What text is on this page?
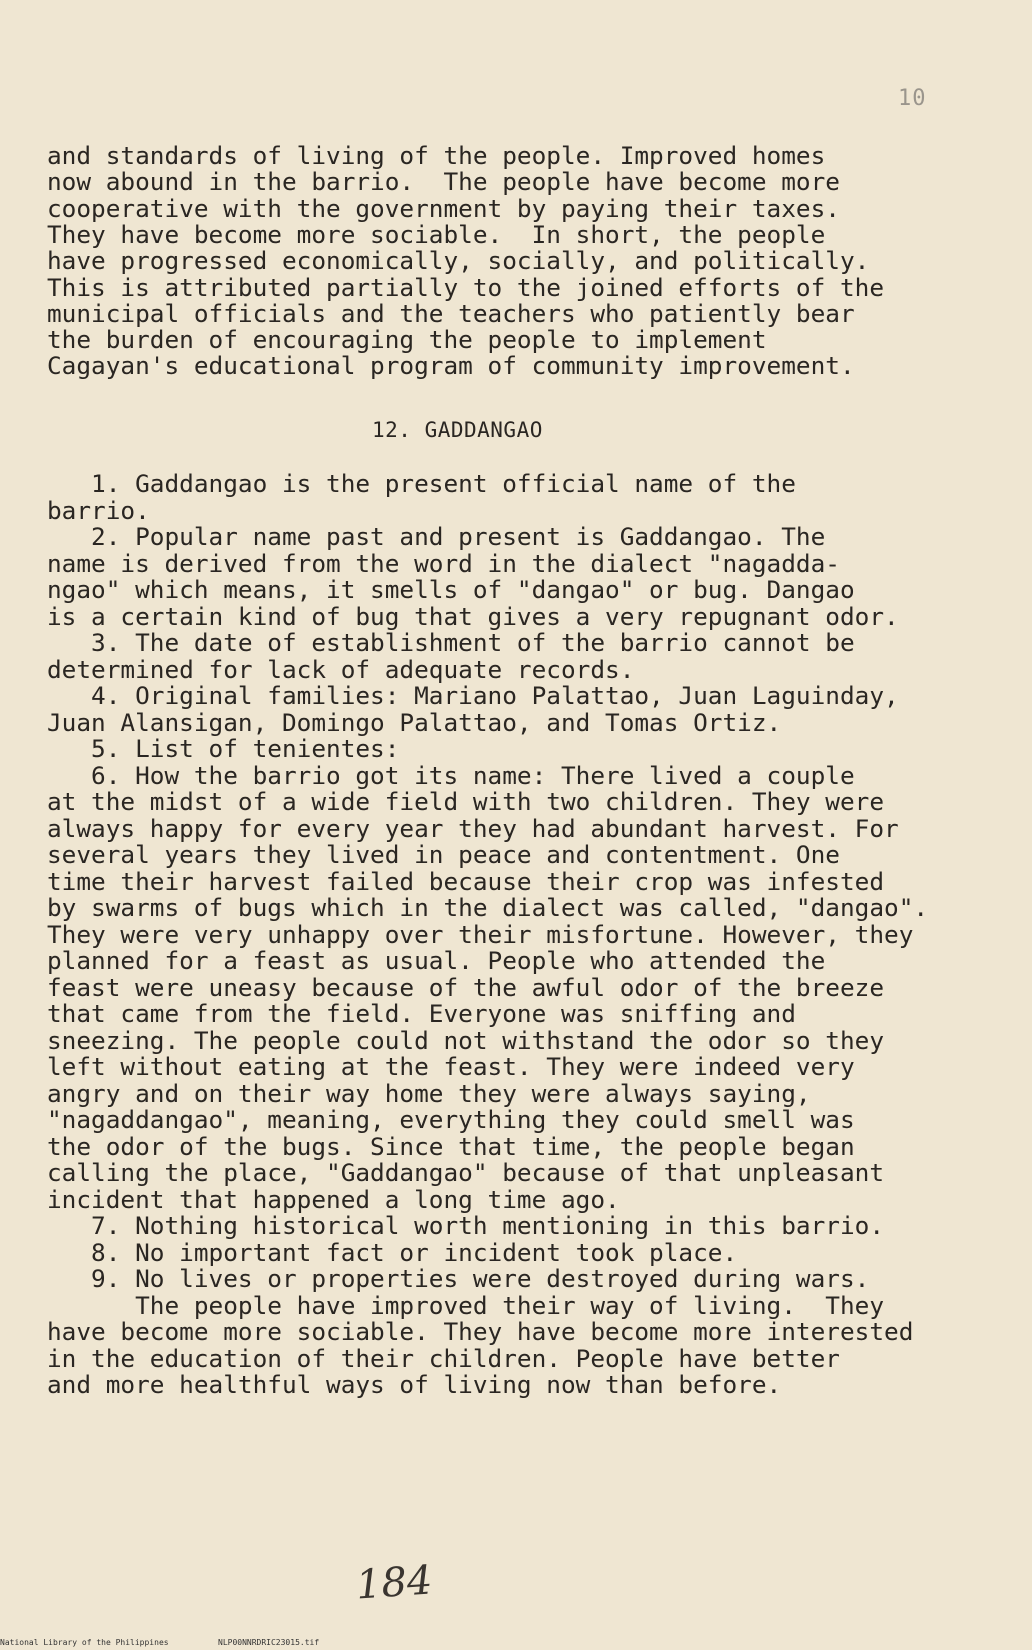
10
and standards of living of the people. Improved homes
now abound in the barrio.  The people have become more
cooperative with the government by paying their taxes.
They have become more sociable.  In short, the people
have progressed economically, socially, and politically.
This is attributed partially to the joined efforts of the
municipal officials and the teachers who patiently bear
the burden of encouraging the people to implement
Cagayan's educational program of community improvement.
12. GADDANGAO
1. Gaddangao is the present official name of the
barrio.
2. Popular name past and present is Gaddangao. The
name is derived from the word in the dialect "nagadda-
ngao" which means, it smells of "dangao" or bug. Dangao
is a certain kind of bug that gives a very repugnant odor.
3. The date of establishment of the barrio cannot be
determined for lack of adequate records.
4. Original families: Mariano Palattao, Juan Laguinday,
Juan Alansigan, Domingo Palattao, and Tomas Ortiz.
5. List of tenientes:
6. How the barrio got its name: There lived a couple
at the midst of a wide field with two children. They were
always happy for every year they had abundant harvest. For
several years they lived in peace and contentment. One
time their harvest failed because their crop was infested
by swarms of bugs which in the dialect was called, "dangao".
They were very unhappy over their misfortune. However, they
planned for a feast as usual. People who attended the
feast were uneasy because of the awful odor of the breeze
that came from the field. Everyone was sniffing and
sneezing. The people could not withstand the odor so they
left without eating at the feast. They were indeed very
angry and on their way home they were always saying,
"nagaddangao", meaning, everything they could smell was
the odor of the bugs. Since that time, the people began
calling the place, "Gaddangao" because of that unpleasant
incident that happened a long time ago.
7. Nothing historical worth mentioning in this barrio.
8. No important fact or incident took place.
9. No lives or properties were destroyed during wars.
The people have improved their way of living.  They
have become more sociable. They have become more interested
in the education of their children. People have better
and more healthful ways of living now than before.
184
National Library of the Philippines	NLP00NNRDRIC23015.tif
